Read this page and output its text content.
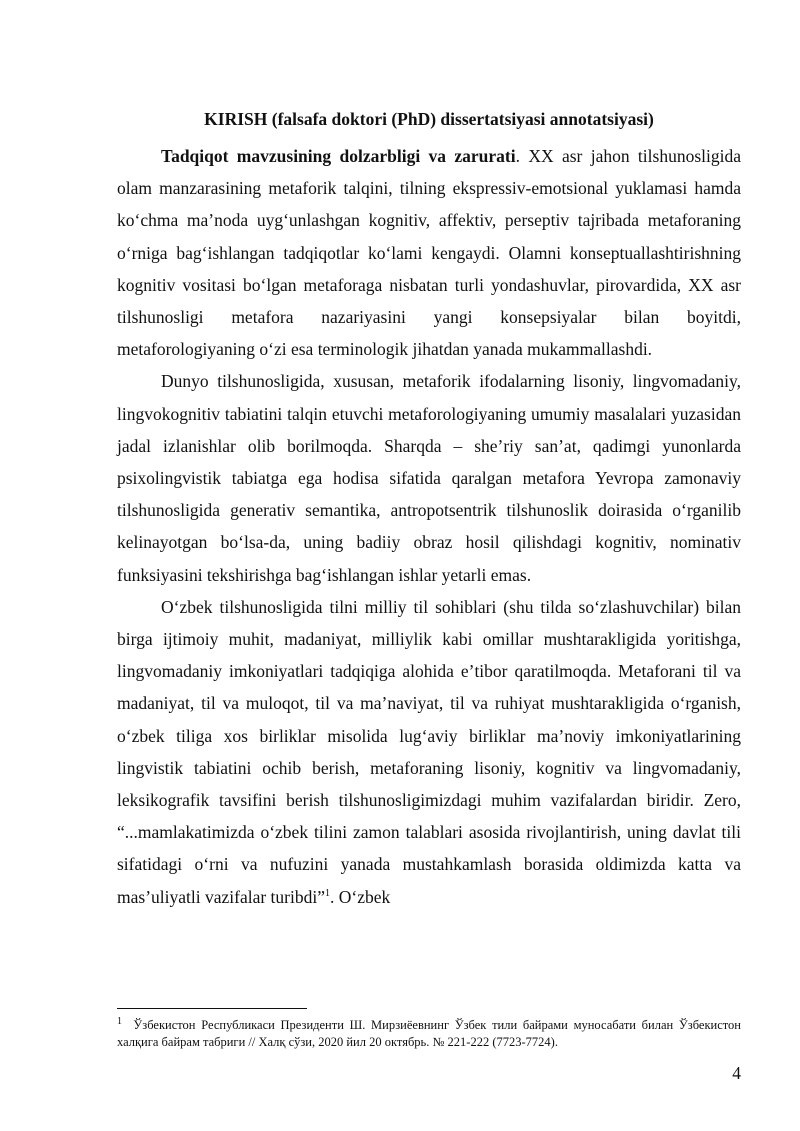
KIRISH (falsafa doktori (PhD) dissertatsiyasi annotatsiyasi)

Tadqiqot mavzusining dolzarbligi va zarurati. XX asr jahon tilshunosligida olam manzarasining metaforik talqini, tilning ekspressiv-emotsional yuklamasi hamda koʻchma maʼnoda uygʻunlashgan kognitiv, affektiv, perseptiv tajribada metaforaning oʻrniga bagʻishlangan tadqiqotlar koʻlami kengaydi. Olamni konseptuallashtirishning kognitiv vositasi boʻlgan metaforaga nisbatan turli yondashuvlar, pirovardida, XX asr tilshunosligi metafora nazariyasini yangi konsepsiyalar bilan boyitdi, metaforologiyaning oʻzi esa terminologik jihatdan yanada mukammallashdi.

Dunyo tilshunosligida, xususan, metaforik ifodalarning lisoniy, lingvomadaniy, lingvokognitiv tabiatini talqin etuvchi metaforologiyaning umumiy masalalari yuzasidan jadal izlanishlar olib borilmoqda. Sharqda – sheʼriy sanʼat, qadimgi yunonlarda psixolingvistik tabiatga ega hodisa sifatida qaralgan metafora Yevropa zamonaviy tilshunosligida generativ semantika, antropotsentrik tilshunoslik doirasida oʻrganilib kelinayotgan boʻlsa-da, uning badiiy obraz hosil qilishdagi kognitiv, nominativ funksiyasini tekshirishga bagʻishlangan ishlar yetarli emas.

Oʻzbek tilshunosligida tilni milliy til sohiblari (shu tilda soʻzlashuvchilar) bilan birga ijtimoiy muhit, madaniyat, milliylik kabi omillar mushtarakligida yoritishga, lingvomadaniy imkoniyatlari tadqiqiga alohida eʼtibor qaratilmoqda. Metaforani til va madaniyat, til va muloqot, til va maʼnaviyat, til va ruhiyat mushtarakligida oʻrganish, oʻzbek tiliga xos birliklar misolida lugʻaviy birliklar maʼnoviy imkoniyatlarining lingvistik tabiatini ochib berish, metaforaning lisoniy, kognitiv va lingvomadaniy, leksikografik tavsifini berish tilshunosligimizdagi muhim vazifalardan biridir. Zero, “...mamlakatimizda oʻzbek tilini zamon talablari asosida rivojlantirish, uning davlat tili sifatidagi oʻrni va nufuzini yanada mustahkamlash borasida oldimizda katta va masʼuliyatli vazifalar turibdi”$^1$. Oʻzbek

$^1$ Ўзбекистон Республикаси Президенти Ш. Мирзиёевнинг Ўзбек тили байрами муносабати билан Ўзбекистон халқига байрам табриги // Халқ сўзи, 2020 йил 20 октябрь. № 221-222 (7723-7724).
4
